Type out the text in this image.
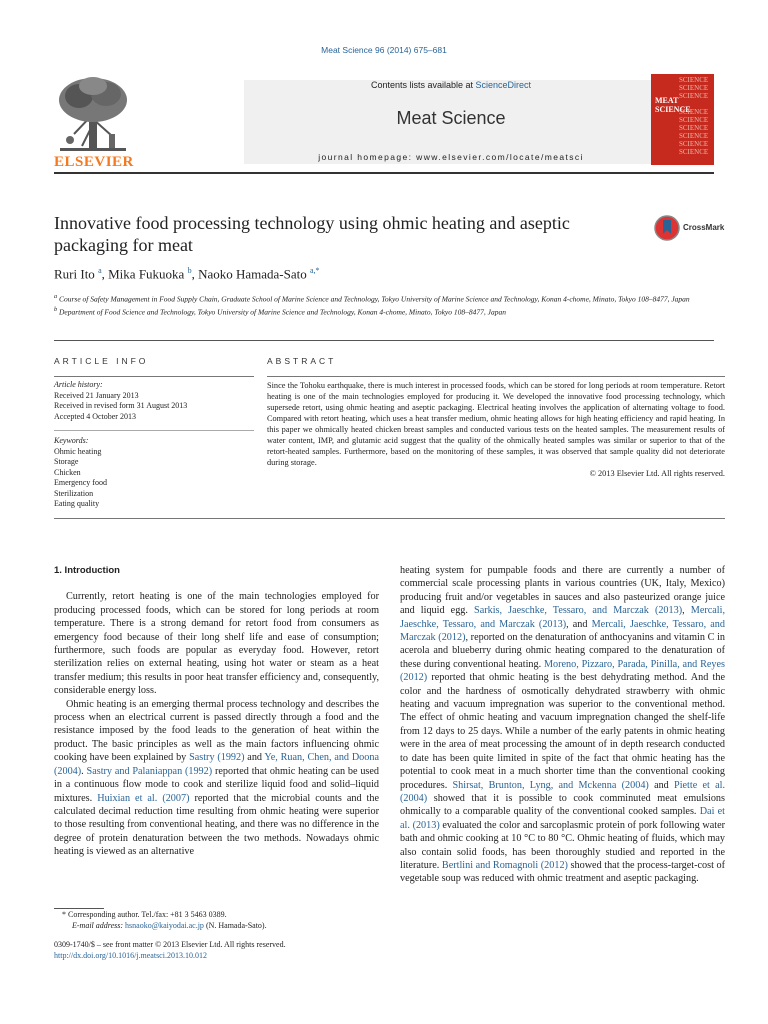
Meat Science 96 (2014) 675–681
ELSEVIER
Contents lists available at ScienceDirect
Meat Science
journal homepage: www.elsevier.com/locate/meatsci
SCIENCE
SCIENCE
SCIENCE
MEAT SCIENCE
SCIENCE
SCIENCE
SCIENCE
SCIENCE
SCIENCE
SCIENCE
Innovative food processing technology using ohmic heating and aseptic packaging for meat
CrossMark
Ruri Ito $^a$, Mika Fukuoka $^b$, Naoko Hamada-Sato $^{a,*}$
$^a$ Course of Safety Management in Food Supply Chain, Graduate School of Marine Science and Technology, Tokyo University of Marine Science and Technology, Konan 4-chome, Minato, Tokyo 108–8477, Japan
$^b$ Department of Food Science and Technology, Tokyo University of Marine Science and Technology, Konan 4-chome, Minato, Tokyo 108–8477, Japan
ARTICLE INFO	ABSTRACT
Article history:
Received 21 January 2013
Received in revised form 31 August 2013
Accepted 4 October 2013
Keywords:
Ohmic heating
Storage
Chicken
Emergency food
Sterilization
Eating quality

Since the Tohoku earthquake, there is much interest in processed foods, which can be stored for long periods at room temperature. Retort heating is one of the main technologies employed for producing it. We developed the innovative food processing technology, which supersede retort, using ohmic heating and aseptic packaging. Electrical heating involves the application of alternating voltage to food. Compared with retort heating, which uses a heat transfer medium, ohmic heating allows for high heating efficiency and rapid heating. In this paper we ohmically heated chicken breast samples and conducted various tests on the heated samples. The measurement results of water content, IMP, and glutamic acid suggest that the quality of the ohmically heated samples was similar or superior to that of the retort-heated samples. Furthermore, based on the monitoring of these samples, it was observed that sample quality did not deteriorate during storage.

© 2013 Elsevier Ltd. All rights reserved.

1. Introduction

Currently, retort heating is one of the main technologies employed for producing processed foods, which can be stored for long periods at room temperature. There is a strong demand for retort food from consumers as emergency food because of their long shelf life and ease of consumption; furthermore, such foods are popular as everyday food. However, retort sterilization relies on external heating, using hot water or steam as a heat transfer medium; this results in poor heat transfer efficiency and, consequently, considerable energy loss.

Ohmic heating is an emerging thermal process technology and describes the process when an electrical current is passed directly through a food and the resistance imposed by the food leads to the generation of heat within the product. The basic principles as well as the main factors influencing ohmic cooking have been explained by Sastry (1992) and Ye, Ruan, Chen, and Doona (2004). Sastry and Palaniappan (1992) reported that ohmic heating can be used in a continuous flow mode to cook and sterilize liquid food and solid–liquid mixtures. Huixian et al. (2007) reported that the microbial counts and the calculated decimal reduction time resulting from ohmic heating were superior to those resulting from conventional heating, and there was no difference in the degree of protein denaturation between the two methods. Nowadays ohmic heating is viewed as an alternative

heating system for pumpable foods and there are currently a number of commercial scale processing plants in various countries (UK, Italy, Mexico) producing fruit and/or vegetables in sauces and also pasteurized orange juice and liquid egg. Sarkis, Jaeschke, Tessaro, and Marczak (2013), Mercali, Jaeschke, Tessaro, and Marczak (2013), and Mercali, Jaeschke, Tessaro, and Marczak (2012), reported on the denaturation of anthocyanins and vitamin C in acerola and blueberry during ohmic heating compared to the denaturation of these during conventional heating. Moreno, Pizzaro, Parada, Pinilla, and Reyes (2012) reported that ohmic heating is the best dehydrating method. And the color and the hardness of osmotically dehydrated strawberry with ohmic heating and vacuum impregnation was superior to the conventional method. The effect of ohmic heating and vacuum impregnation changed the shelf-life from 12 days to 25 days. While a number of the early patents in ohmic heating were in the area of meat processing the amount of in depth research conducted to date has been quite limited in spite of the fact that ohmic heating has the potential to cook meat in a much shorter time than the conventional cooking procedures. Shirsat, Brunton, Lyng, and Mckenna (2004) and Piette et al. (2004) showed that it is possible to cook comminuted meat emulsions ohmically to a comparable quality of the conventional cooked samples. Dai et al. (2013) evaluated the color and sarcoplasmic protein of pork following water bath and ohmic cooking at 10 °C to 80 °C. Ohmic heating of fluids, which may also contain solid foods, has been thoroughly studied and reported in the literature. Bertlini and Romagnoli (2012) showed that the process-target-cost of vegetable soup was reduced with ohmic treatment and aseptic packaging.

* Corresponding author. Tel./fax: +81 3 5463 0389.
E-mail address: hsnaoko@kaiyodai.ac.jp (N. Hamada-Sato).
0309-1740/$ – see front matter © 2013 Elsevier Ltd. All rights reserved.
http://dx.doi.org/10.1016/j.meatsci.2013.10.012
